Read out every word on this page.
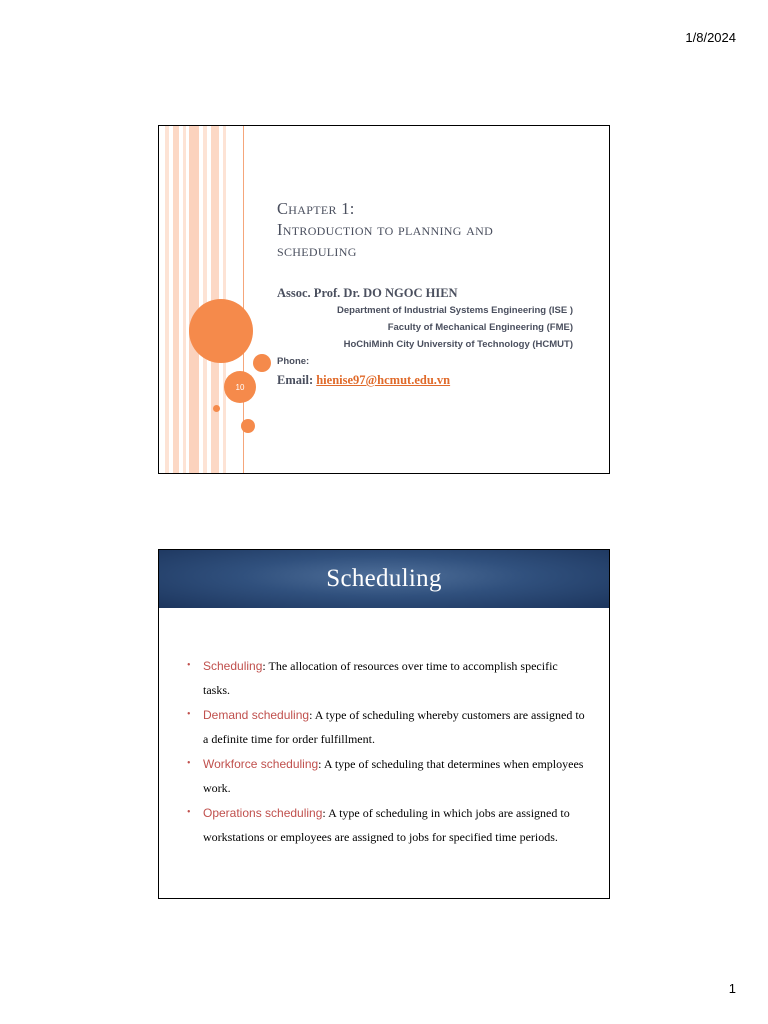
1/8/2024
10
Chapter 1:
Introduction to planning and
scheduling
Assoc. Prof. Dr. DO NGOC HIEN
Department of Industrial Systems Engineering (ISE )
Faculty of Mechanical Engineering (FME)
HoChiMinh City University of Technology (HCMUT)
Phone:
Email: hienise97@hcmut.edu.vn
Scheduling
• Scheduling: The allocation of resources over time to accomplish specific tasks.
• Demand scheduling: A type of scheduling whereby customers are assigned to a definite time for order fulfillment.
• Workforce scheduling: A type of scheduling that determines when employees work.
• Operations scheduling: A type of scheduling in which jobs are assigned to workstations or employees are assigned to jobs for specified time periods.
1
